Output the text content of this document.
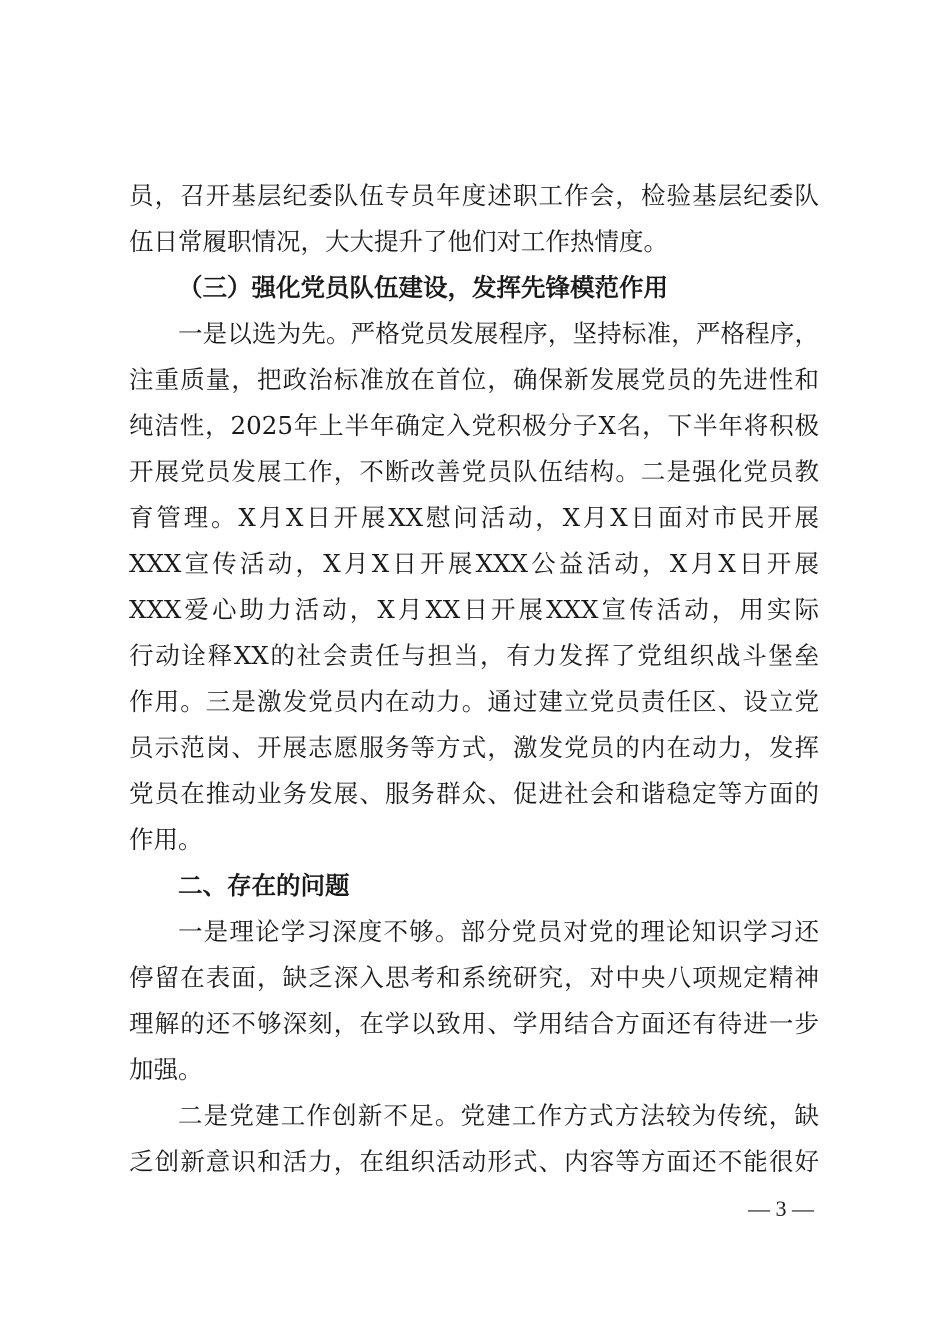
员，召开基层纪委队伍专员年度述职工作会，检验基层纪委队
伍日常履职情况，大大提升了他们对工作热情度。
（三）强化党员队伍建设，发挥先锋模范作用
一是以选为先。严格党员发展程序，坚持标准，严格程序，
注重质量，把政治标准放在首位，确保新发展党员的先进性和
纯洁性，2025年上半年确定入党积极分子X名，下半年将积极
开展党员发展工作，不断改善党员队伍结构。二是强化党员教
育管理。X月X日开展XX慰问活动，X月X日面对市民开展
XXX宣传活动，X月X日开展XXX公益活动，X月X日开展
XXX爱心助力活动，X月XX日开展XXX宣传活动，用实际
行动诠释XX的社会责任与担当，有力发挥了党组织战斗堡垒
作用。三是激发党员内在动力。通过建立党员责任区、设立党
员示范岗、开展志愿服务等方式，激发党员的内在动力，发挥
党员在推动业务发展、服务群众、促进社会和谐稳定等方面的
作用。
二、存在的问题
一是理论学习深度不够。部分党员对党的理论知识学习还
停留在表面，缺乏深入思考和系统研究，对中央八项规定精神
理解的还不够深刻，在学以致用、学用结合方面还有待进一步
加强。
二是党建工作创新不足。党建工作方式方法较为传统，缺
乏创新意识和活力，在组织活动形式、内容等方面还不能很好
— 3 —
